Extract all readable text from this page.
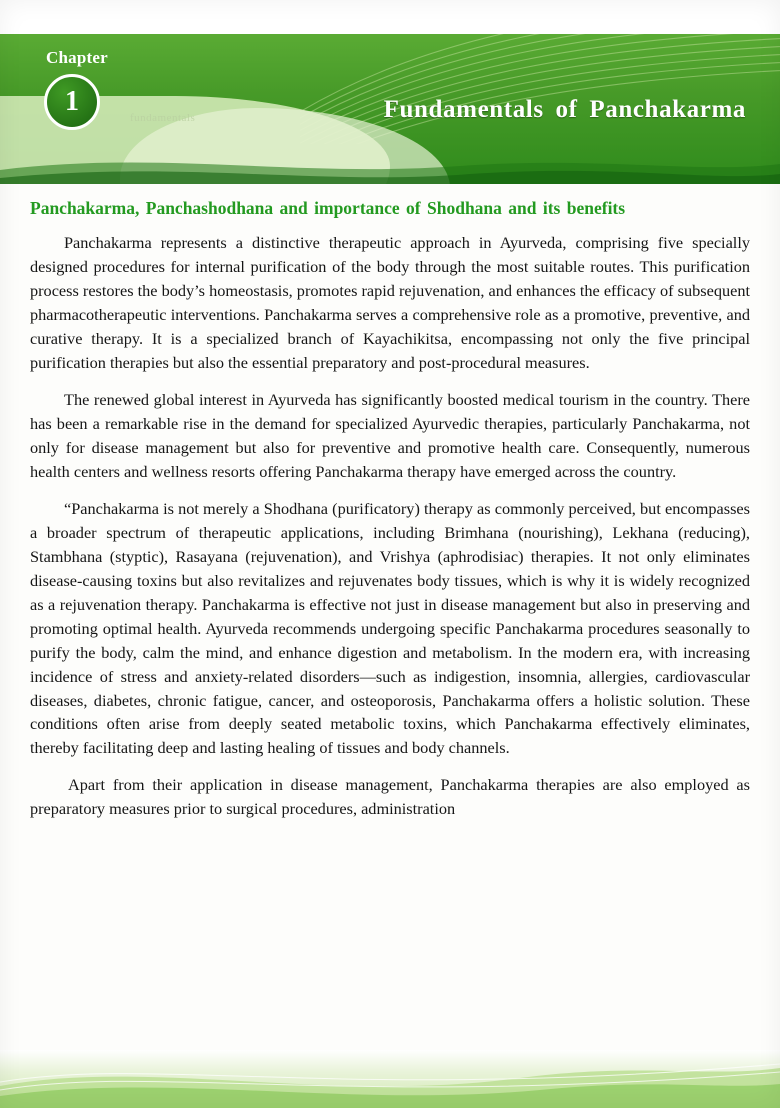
fundamentals
Chapter
1	Fundamentals of Panchakarma
Panchakarma, Panchashodhana and importance of Shodhana and its benefits

Panchakarma represents a distinctive therapeutic approach in Ayurveda, comprising five specially designed procedures for internal purification of the body through the most suitable routes. This purification process restores the body’s homeostasis, promotes rapid rejuvenation, and enhances the efficacy of subsequent pharmacotherapeutic interventions. Panchakarma serves a comprehensive role as a promotive, preventive, and curative therapy. It is a specialized branch of Kayachikitsa, encompassing not only the five principal purification therapies but also the essential preparatory and post-procedural measures.

The renewed global interest in Ayurveda has significantly boosted medical tourism in the country. There has been a remarkable rise in the demand for specialized Ayurvedic therapies, particularly Panchakarma, not only for disease management but also for preventive and promotive health care. Consequently, numerous health centers and wellness resorts offering Panchakarma therapy have emerged across the country.

“Panchakarma is not merely a Shodhana (purificatory) therapy as commonly perceived, but encompasses a broader spectrum of therapeutic applications, including Brimhana (nourishing), Lekhana (reducing), Stambhana (styptic), Rasayana (rejuvenation), and Vrishya (aphrodisiac) therapies. It not only eliminates disease-causing toxins but also revitalizes and rejuvenates body tissues, which is why it is widely recognized as a rejuvenation therapy. Panchakarma is effective not just in disease management but also in preserving and promoting optimal health. Ayurveda recommends undergoing specific Panchakarma procedures seasonally to purify the body, calm the mind, and enhance digestion and metabolism. In the modern era, with increasing incidence of stress and anxiety-related disorders—such as indigestion, insomnia, allergies, cardiovascular diseases, diabetes, chronic fatigue, cancer, and osteoporosis, Panchakarma offers a holistic solution. These conditions often arise from deeply seated metabolic toxins, which Panchakarma effectively eliminates, thereby facilitating deep and lasting healing of tissues and body channels.

Apart from their application in disease management, Panchakarma therapies are also employed as preparatory measures prior to surgical procedures, administration
